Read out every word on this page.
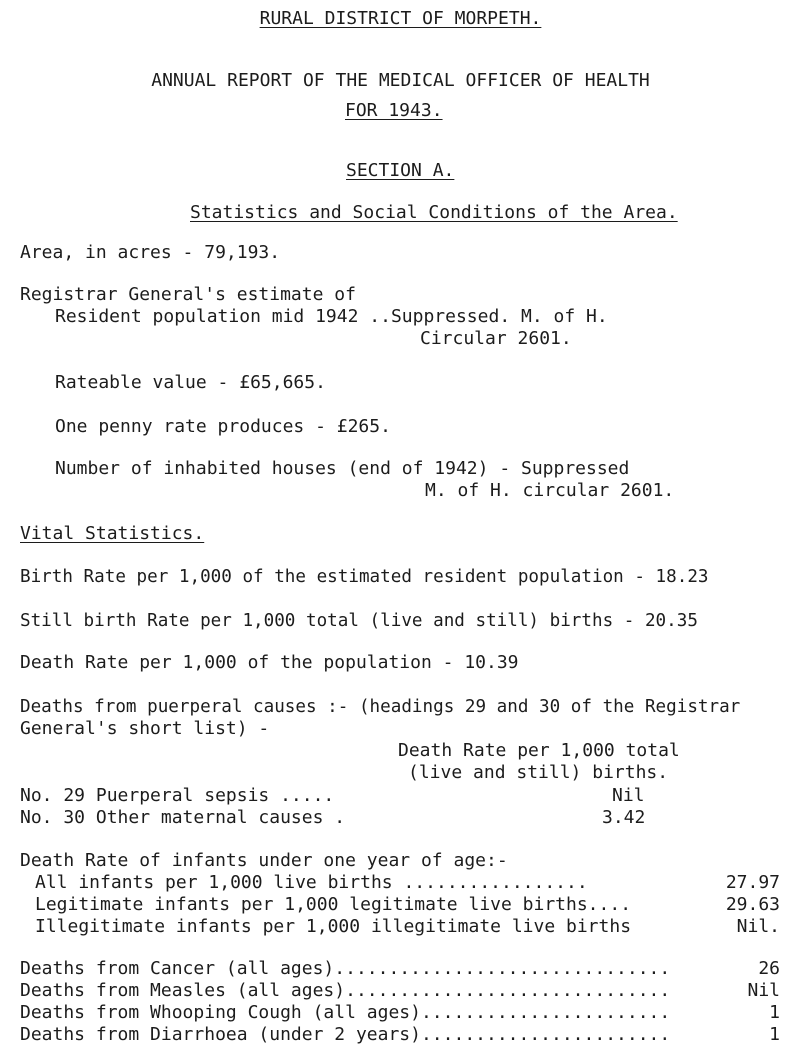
RURAL DISTRICT OF MORPETH.
ANNUAL REPORT OF THE MEDICAL OFFICER OF HEALTH
FOR 1943.
SECTION A.
Statistics and Social Conditions of the Area.
Area, in acres - 79,193.
Registrar General's estimate of
Resident population mid 1942 ..Suppressed. M. of H.
Circular 2601.
Rateable value - £65,665.
One penny rate produces - £265.
Number of inhabited houses (end of 1942) - Suppressed
M. of H. circular 2601.
Vital Statistics.
Birth Rate per 1,000 of the estimated resident population - 18.23
Still birth Rate per 1,000 total (live and still) births - 20.35
Death Rate per 1,000 of the population - 10.39
Deaths from puerperal causes :- (headings 29 and 30 of the Registrar
General's short list) -
Death Rate per 1,000 total
(live and still) births.
No. 29 Puerperal sepsis .....	Nil
No. 30 Other maternal causes .	3.42
Death Rate of infants under one year of age:-
All infants per 1,000 live births .................	27.97
Legitimate infants per 1,000 legitimate live births....	29.63
Illegitimate infants per 1,000 illegitimate live births	Nil.
Deaths from Cancer (all ages)...............................	26
Deaths from Measles (all ages)..............................	Nil
Deaths from Whooping Cough (all ages).......................	1
Deaths from Diarrhoea (under 2 years).......................	1
